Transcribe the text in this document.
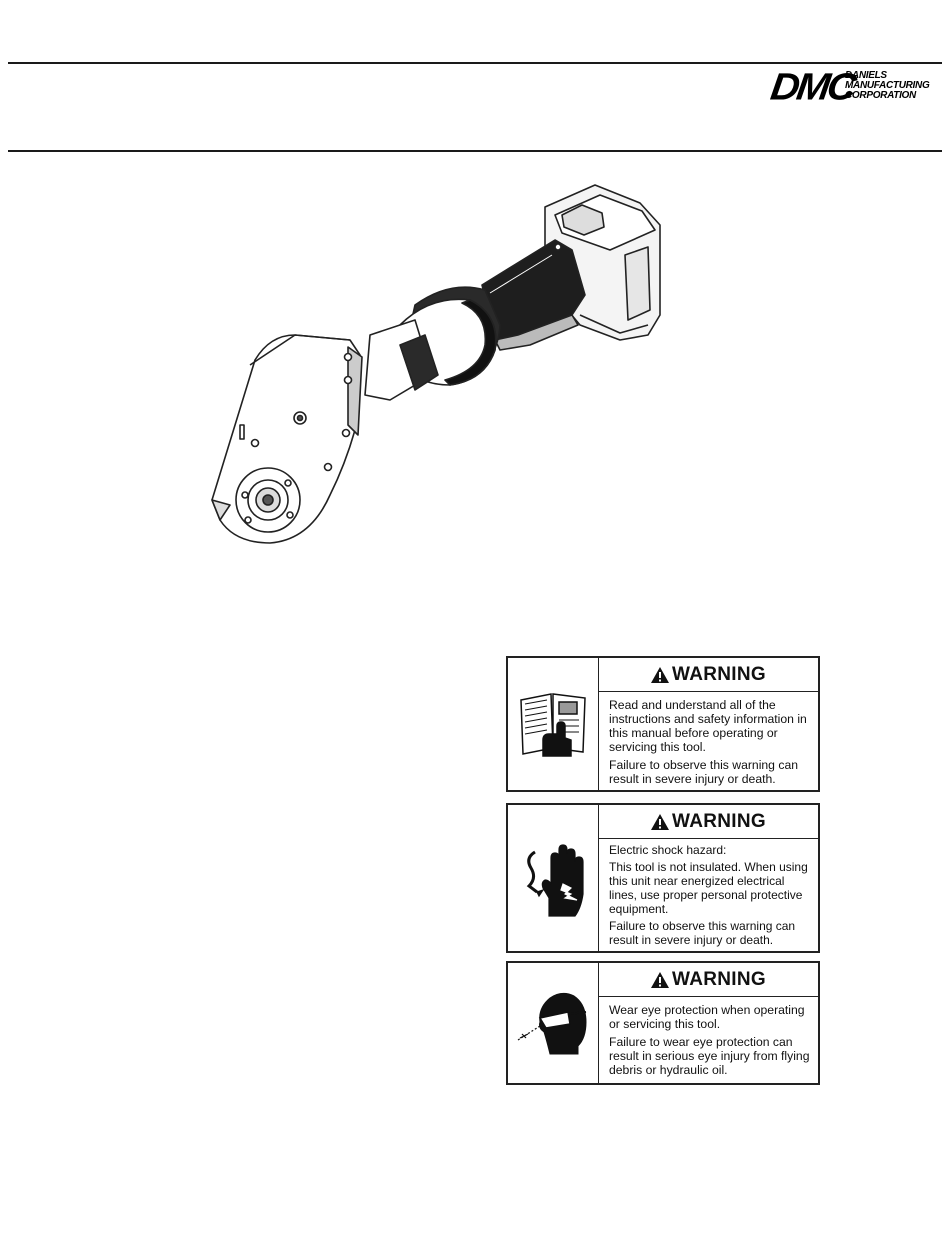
DMC
DANIELS
MANUFACTURING
CORPORATION
WARNING

Read and understand all of the instructions and safety information in this manual before operating or servicing this tool.

Failure to observe this warning can result in severe injury or death.

WARNING

Electric shock hazard:

This tool is not insulated. When using this unit near energized electrical lines, use proper personal protective equipment.

Failure to observe this warning can result in severe injury or death.

WARNING

Wear eye protection when operating or servicing this tool.

Failure to wear eye protection can result in serious eye injury from flying debris or hydraulic oil.
